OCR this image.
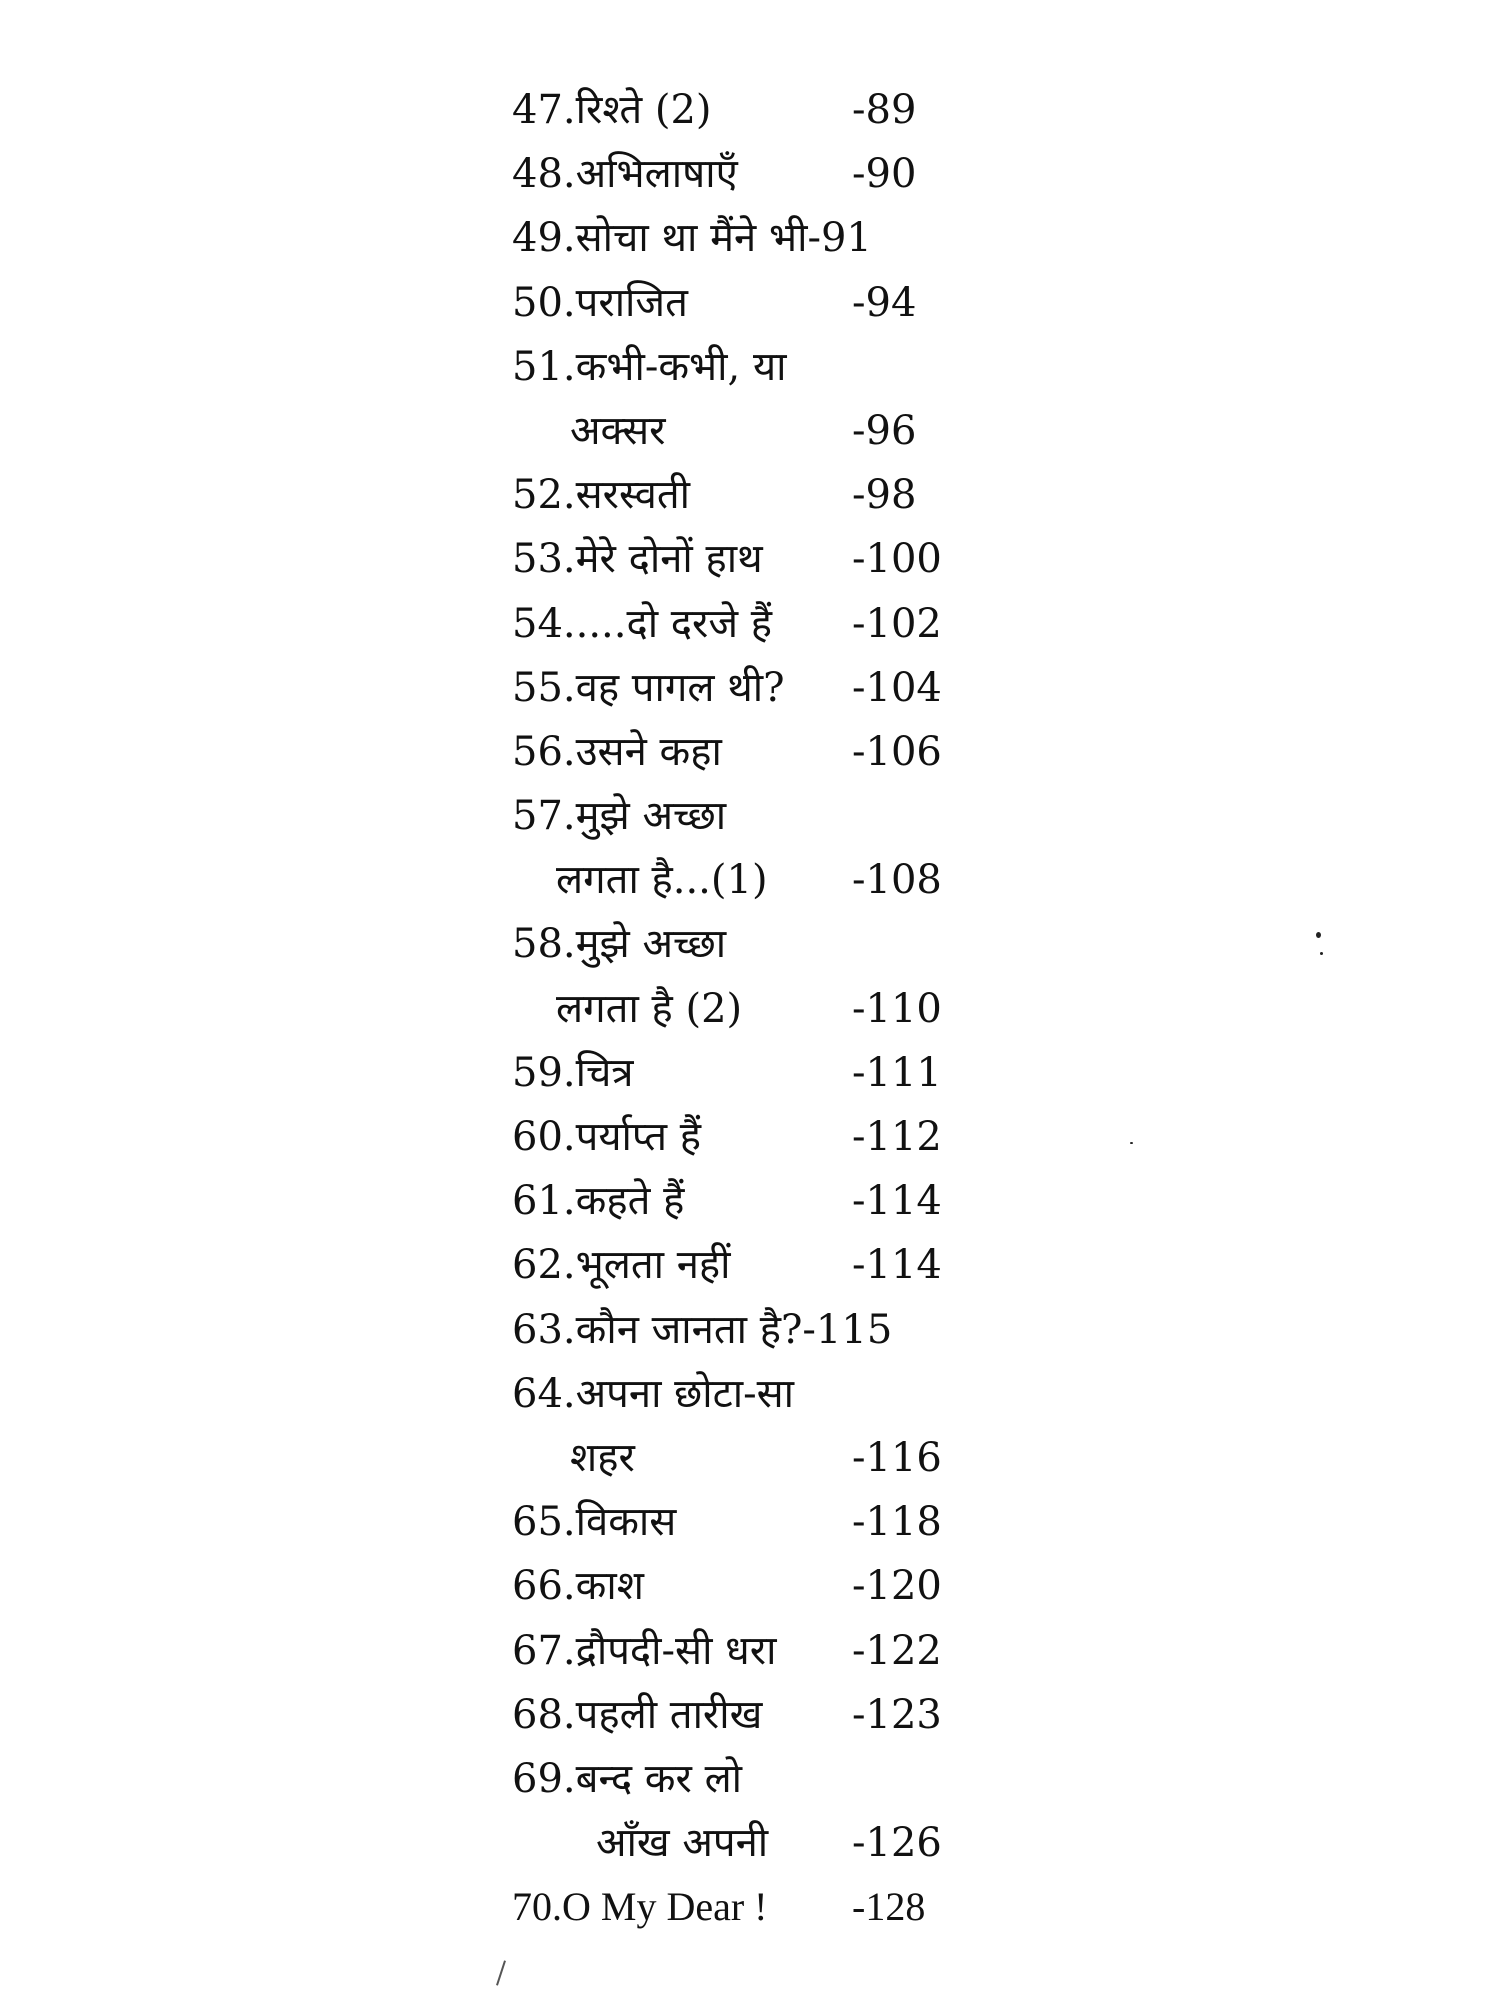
47.रिश्ते (2)	-89
48.अभिलाषाएँ	-90
49.सोचा था मैंने भी-91
50.पराजित	-94
51.कभी-कभी, या
अक्सर	-96
52.सरस्वती	-98
53.मेरे दोनों हाथ -100
54.....दो दरजे हैं -102
55.वह पागल थी? -104
56.उसने कहा	-106
57.मुझे अच्छा
लगता है...(1) -108
58.मुझे अच्छा
लगता है (2)	-110
59.चित्र	-111
60.पर्याप्त हैं	-112
61.कहते हैं	-114
62.भूलता नहीं	-114
63.कौन जानता है?-115
64.अपना छोटा-सा
शहर	-116
65.विकास	-118
66.काश	-120
67.द्रौपदी-सी धरा -122
68.पहली तारीख -123
69.बन्द कर लो
आँख अपनी -126
70.O My Dear ! -128
